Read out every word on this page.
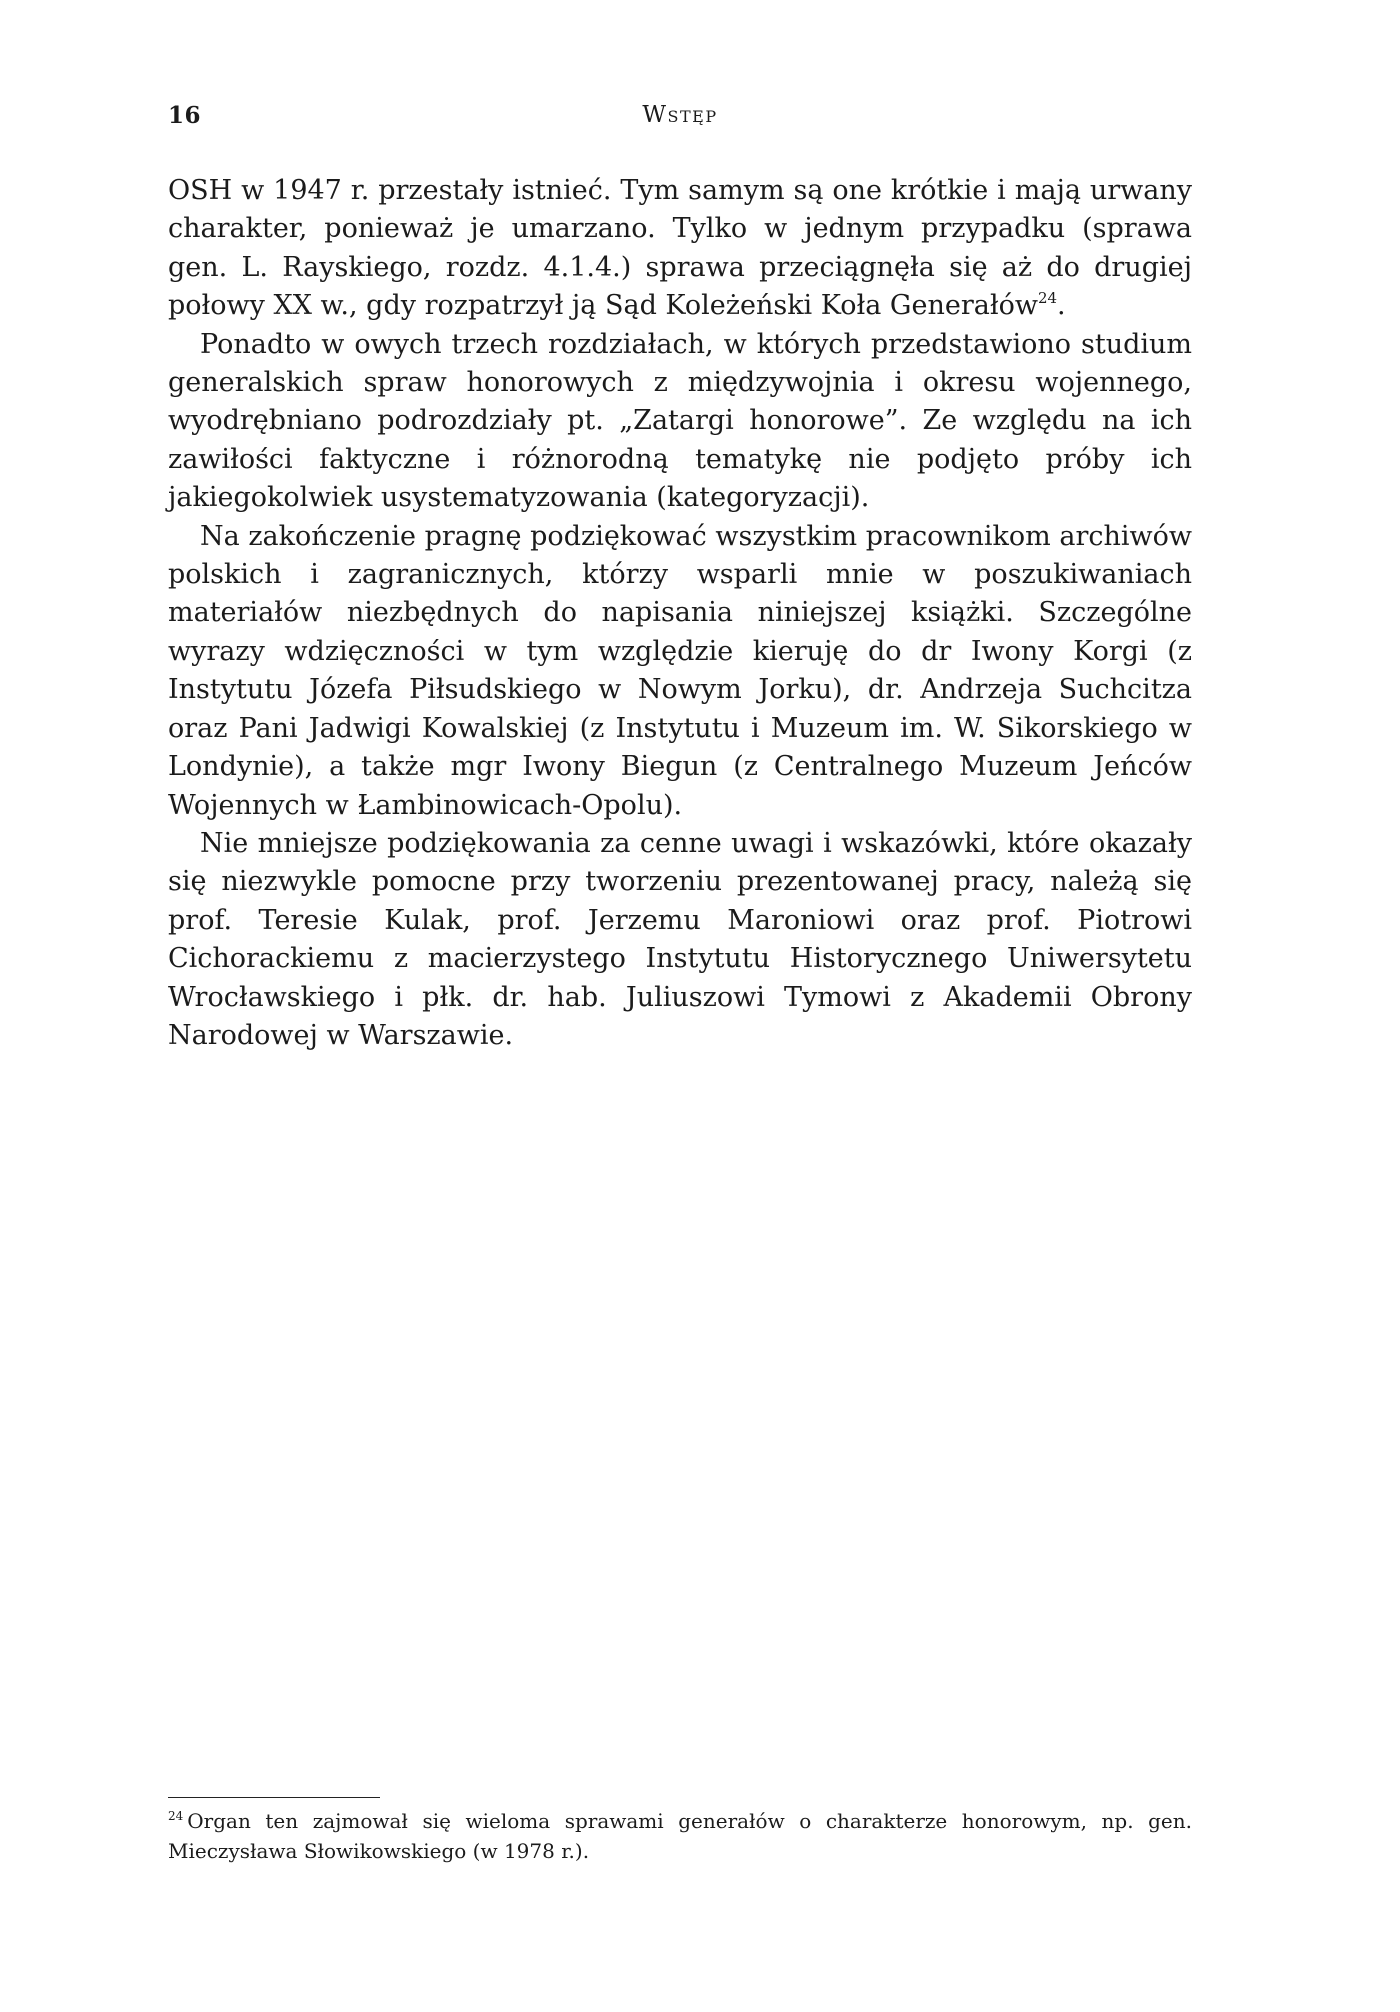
16	Wstęp

OSH w 1947 r. przestały istnieć. Tym samym są one krótkie i mają urwany charakter, ponieważ je umarzano. Tylko w jednym przypadku (sprawa gen. L. Rayskiego, rozdz. 4.1.4.) sprawa przeciągnęła się aż do drugiej połowy XX w., gdy rozpatrzył ją Sąd Koleżeński Koła Generałów$^{24}$.

Ponadto w owych trzech rozdziałach, w których przedstawiono studium generalskich spraw honorowych z międzywojnia i okresu wojennego, wyodrębniano podrozdziały pt. „Zatargi honorowe”. Ze względu na ich zawiłości faktyczne i różnorodną tematykę nie podjęto próby ich jakiegokolwiek usystematyzowania (kategoryzacji).

Na zakończenie pragnę podziękować wszystkim pracownikom archiwów polskich i zagranicznych, którzy wsparli mnie w poszukiwaniach materiałów niezbędnych do napisania niniejszej książki. Szczególne wyrazy wdzięczności w tym względzie kieruję do dr Iwony Korgi (z Instytutu Józefa Piłsudskiego w Nowym Jorku), dr. Andrzeja Suchcitza oraz Pani Jadwigi Kowalskiej (z Instytutu i Muzeum im. W. Sikorskiego w Londynie), a także mgr Iwony Biegun (z Centralnego Muzeum Jeńców Wojennych w Łambinowicach-Opolu).

Nie mniejsze podziękowania za cenne uwagi i wskazówki, które okazały się niezwykle pomocne przy tworzeniu prezentowanej pracy, należą się prof. Teresie Kulak, prof. Jerzemu Maroniowi oraz prof. Piotrowi Cichorackiemu z macierzystego Instytutu Historycznego Uniwersytetu Wrocławskiego i płk. dr. hab. Juliuszowi Tymowi z Akademii Obrony Narodowej w Warszawie.

$^{24}$ Organ ten zajmował się wieloma sprawami generałów o charakterze honorowym, np. gen. Mieczysława Słowikowskiego (w 1978 r.).
